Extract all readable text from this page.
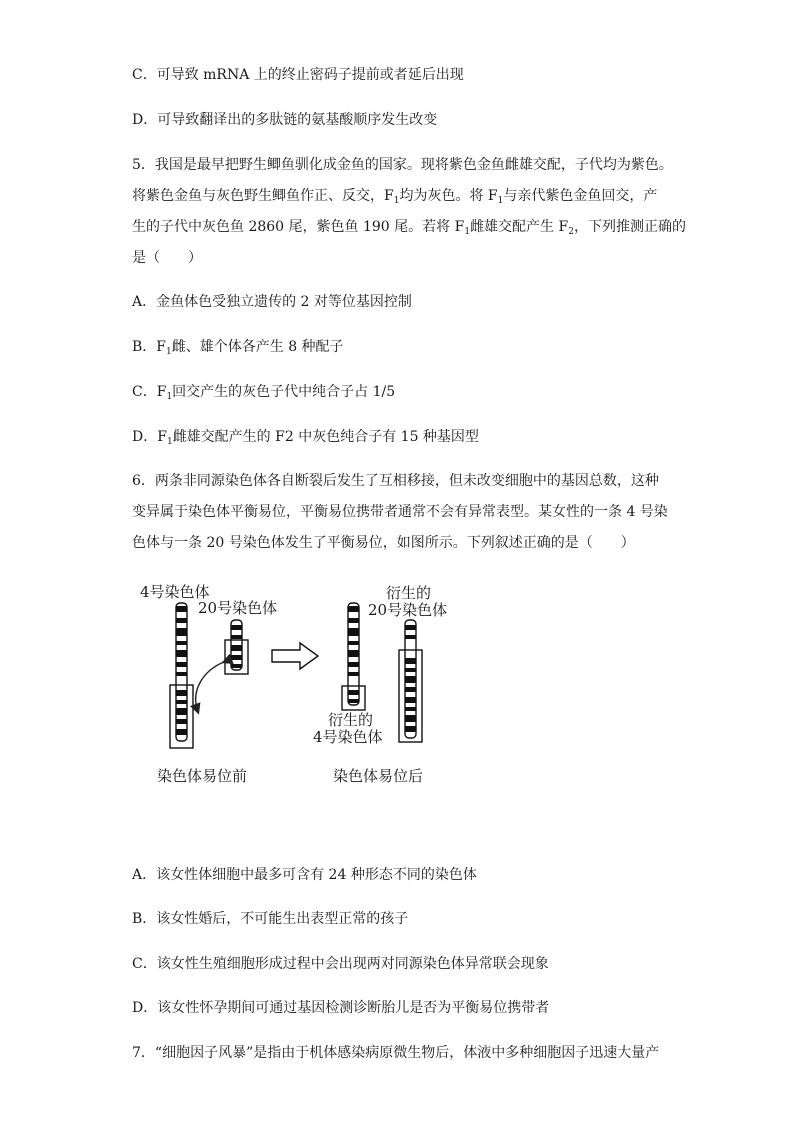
C．可导致 mRNA 上的终止密码子提前或者延后出现
D．可导致翻译出的多肽链的氨基酸顺序发生改变
5．我国是最早把野生鲫鱼驯化成金鱼的国家。现将紫色金鱼雌雄交配，子代均为紫色。
将紫色金鱼与灰色野生鲫鱼作正、反交，$F_1$均为灰色。将 $F_1$与亲代紫色金鱼回交，产
生的子代中灰色鱼 2860 尾，紫色鱼 190 尾。若将 $F_1$雌雄交配产生 $F_2$，下列推测正确的
是（　　）
A．金鱼体色受独立遗传的 2 对等位基因控制
B．$F_1$雌、雄个体各产生 8 种配子
C．$F_1$回交产生的灰色子代中纯合子占 1/5
D．$F_1$雌雄交配产生的 F2 中灰色纯合子有 15 种基因型
6．两条非同源染色体各自断裂后发生了互相移接，但未改变细胞中的基因总数，这种
变异属于染色体平衡易位，平衡易位携带者通常不会有异常表型。某女性的一条 4 号染
色体与一条 20 号染色体发生了平衡易位，如图所示。下列叙述正确的是（　　）
4号染色体
20号染色体
衍生的
20号染色体
衍生的
4号染色体
染色体易位前	染色体易位后
A．该女性体细胞中最多可含有 24 种形态不同的染色体
B．该女性婚后，不可能生出表型正常的孩子
C．该女性生殖细胞形成过程中会出现两对同源染色体异常联会现象
D．该女性怀孕期间可通过基因检测诊断胎儿是否为平衡易位携带者
7．“细胞因子风暴”是指由于机体感染病原微生物后，体液中多种细胞因子迅速大量产
